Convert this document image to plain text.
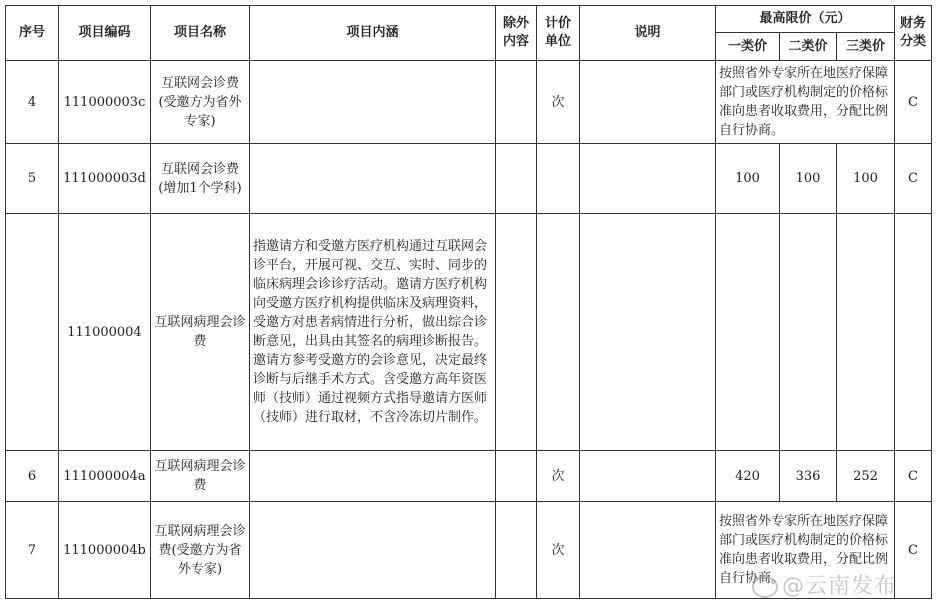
序号	项目编码	项目名称	项目内涵	除外内容	计价单位	说明	最高限价（元）			财务分类
							一类价	二类价	三类价	
4	111000003c	互联网会诊费(受邀方为省外专家)			次		按照省外专家所在地医疗保障部门或医疗机构制定的价格标准向患者收取费用，分配比例自行协商。			C
5	111000003d	互联网会诊费(增加1个学科)					100	100	100	C
	111000004	互联网病理会诊费	指邀请方和受邀方医疗机构通过互联网会诊平台，开展可视、交互、实时、同步的临床病理会诊诊疗活动。邀请方医疗机构向受邀方医疗机构提供临床及病理资料，受邀方对患者病情进行分析，做出综合诊断意见，出具由其签名的病理诊断报告。邀请方参考受邀方的会诊意见，决定最终诊断与后继手术方式。含受邀方高年资医师（技师）通过视频方式指导邀请方医师（技师）进行取材，不含冷冻切片制作。							
6	111000004a	互联网病理会诊费			次		420	336	252	C
7	111000004b	互联网病理会诊费(受邀方为省外专家)			次		按照省外专家所在地医疗保障部门或医疗机构制定的价格标准向患者收取费用，分配比例自行协商。			C
@云南发布
